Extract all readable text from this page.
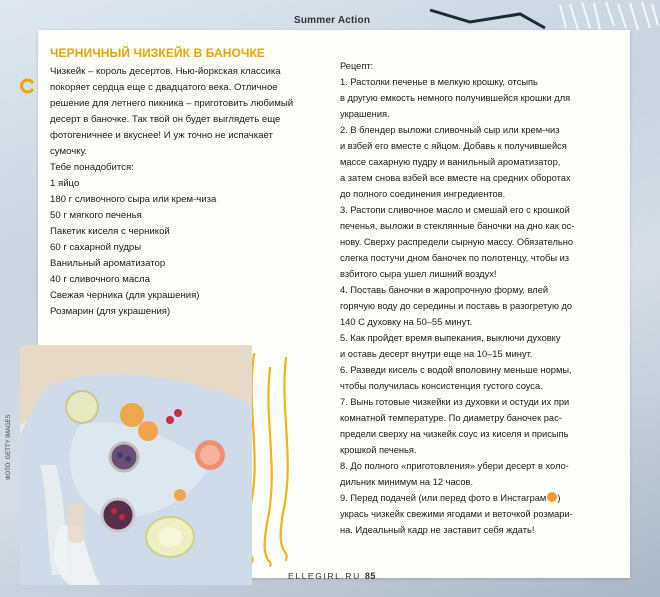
Summer Action
ЧЕРНИЧНЫЙ ЧИЗКЕЙК В БАНОЧКЕ

Чизкейк – король десертов. Нью-йоркская классика

покоряет сердца еще с двадцатого века. Отличное

решение для летнего пикника – приготовить любимый

десерт в баночке. Так твой он будет выглядеть еще

фотогеничнее и вкуснее! И уж точно не испачкает

сумочку.

Тебе понадобится:

1 яйцо
180 г сливочного сыра или крем-чиза
50 г мягкого печенья
Пакетик киселя с черникой
60 г сахарной пудры
Ванильный ароматизатор
40 г сливочного масла
Свежая черника (для украшения)
Розмарин (для украшения)

Рецепт:

1. Растолки печенье в мелкую крошку, отсыпь

в другую емкость немного получившейся крошки для

украшения.

2. В блендер выложи сливочный сыр или крем-чиз

и взбей его вместе с яйцом. Добавь к получившейся

массе сахарную пудру и ванильный ароматизатор,

а затем снова взбей все вместе на средних оборотах

до полного соединения ингредиентов.

3. Растопи сливочное масло и смешай его с крошкой

печенья, выложи в стеклянные баночки на дно как ос-

нову. Сверху распредели сырную массу. Обязательно

слегка постучи дном баночек по полотенцу, чтобы из

взбитого сыра ушел лишний воздух!

4. Поставь баночки в жаропрочную форму, влей

горячую воду до середины и поставь в разогретую до

140 С духовку на 50–55 минут.

5. Как пройдет время выпекания, выключи духовку

и оставь десерт внутри еще на 10–15 минут.

6. Разведи кисель с водой вполовину меньше нормы,

чтобы получилась консистенция густого соуса.

7. Вынь готовые чизкейки из духовки и остуди их при

комнатной температуре. По диаметру баночек рас-

предели сверху на чизкейк соус из киселя и присыпь

крошкой печенья.

8. До полного «приготовления» убери десерт в холо-

дильник минимум на 12 часов.

9. Перед подачей (или перед фото в Инстаграм )

укрась чизкейк свежими ягодами и веточкой розмари-

на. Идеальный кадр не заставит себя ждать!

ФОТО: GETTY IMAGES
ELLEGIRL.RU 85
